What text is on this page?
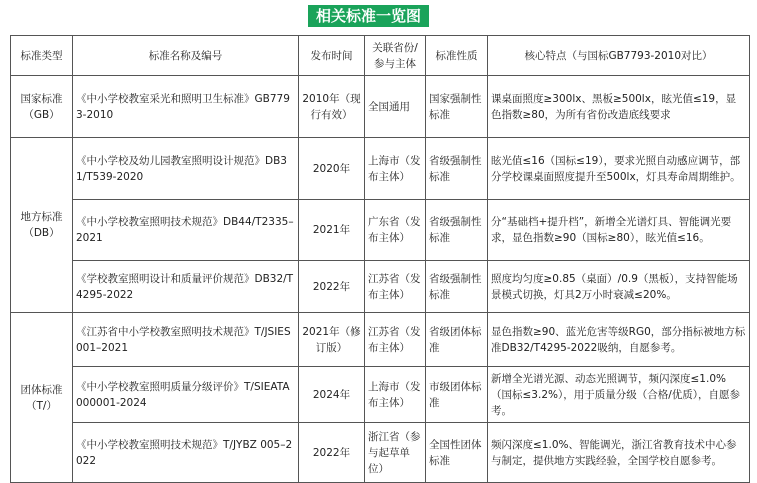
相关标准一览图
标准类型	标准名称及编号	发布时间	关联省份/参与主体	标准性质	核心特点（与国标GB7793-2010对比）
国家标准（GB）	《中小学校教室采光和照明卫生标准》GB7793-2010	2010年（现行有效）	全国通用	国家强制性标准	课桌面照度≥300lx、黑板≥500lx，眩光值≤19，显色指数≥80，为所有省份改造底线要求
地方标准（DB）	《中小学校及幼儿园教室照明设计规范》DB31/T539-2020	2020年	上海市（发布主体）	省级强制性标准	眩光值≤16（国标≤19），要求光照自动感应调节，部分学校课桌面照度提升至500lx，灯具寿命周期维护。
	《中小学校教室照明技术规范》DB44/T2335–2021	2021年	广东省（发布主体）	省级强制性标准	分“基础档+提升档”，新增全光谱灯具、智能调光要求，显色指数≥90（国标≥80），眩光值≤16。
	《学校教室照明设计和质量评价规范》DB32/T4295-2022	2022年	江苏省（发布主体）	省级强制性标准	照度均匀度≥0.85（桌面）/0.9（黑板），支持智能场景模式切换，灯具2万小时衰减≤20%。
团体标准（T/）	《江苏省中小学校教室照明技术规范》T/JSIES 001–2021	2021年（修订版）	江苏省（发布主体）	省级团体标准	显色指数≥90、蓝光危害等级RG0，部分指标被地方标准DB32/T4295-2022吸纳，自愿参考。
	《中小学校教室照明质量分级评价》T/SIEATA 000001-2024	2024年	上海市（发布主体）	市级团体标准	新增全光谱光源、动态光照调节，频闪深度≤1.0%（国标≤3.2%），用于质量分级（合格/优质），自愿参考。
	《中小学校教室照明技术规范》T/JYBZ 005–2022	2022年	浙江省（参与起草单位）	全国性团体标准	频闪深度≤1.0%、智能调光，浙江省教育技术中心参与制定，提供地方实践经验，全国学校自愿参考。
